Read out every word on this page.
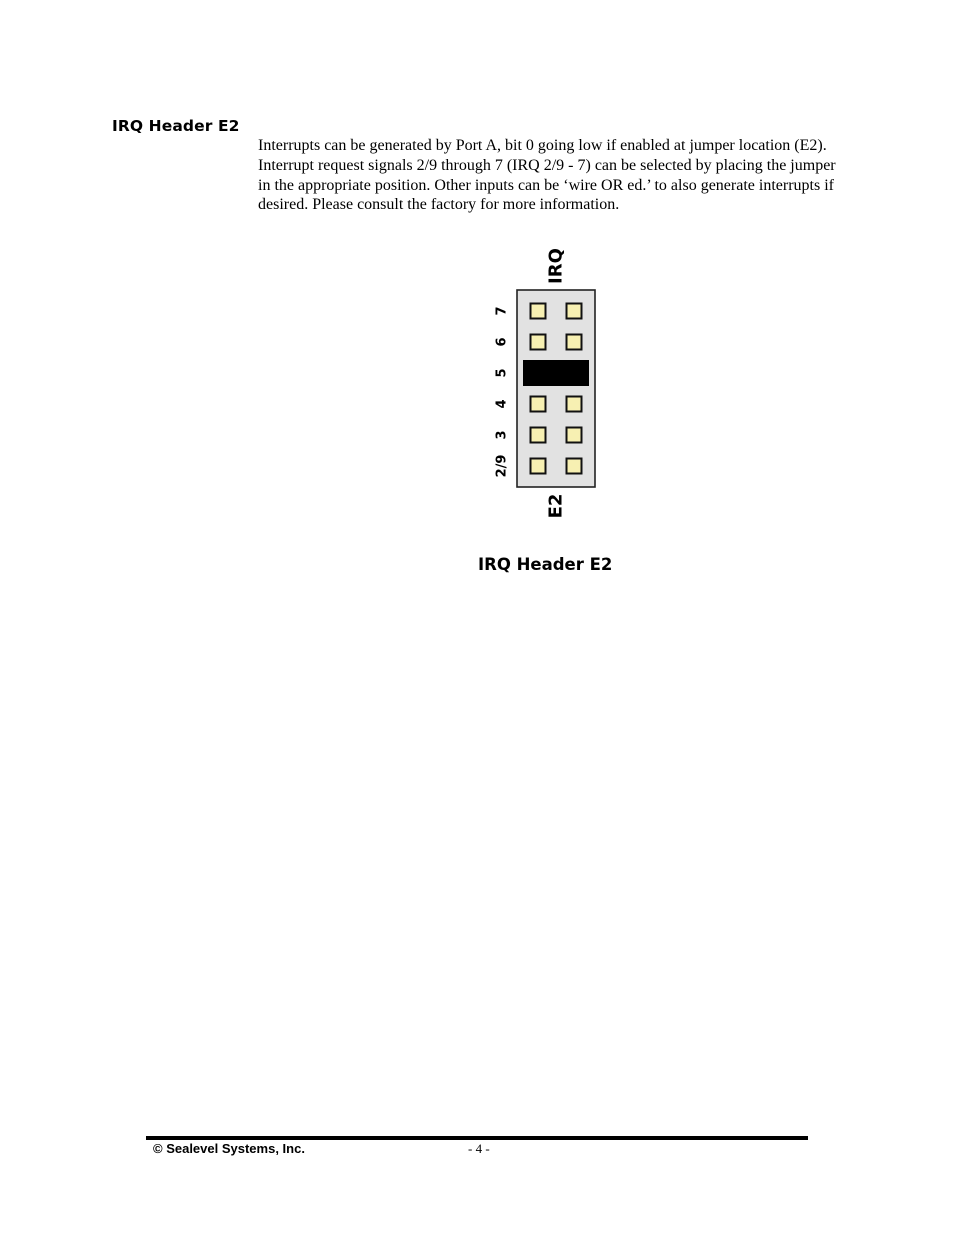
IRQ Header E2
Interrupts can be generated by Port A, bit 0 going low if enabled at jumper location (E2). Interrupt request signals 2/9 through 7 (IRQ 2/9 - 7) can be selected by placing the jumper in the appropriate position. Other inputs can be ‘wire OR ed.’ to also generate interrupts if desired. Please consult the factory for more information.
IRQ
7
6
5
4
3
2/9
E2
IRQ Header E2
© Sealevel Systems, Inc.	- 4 -
